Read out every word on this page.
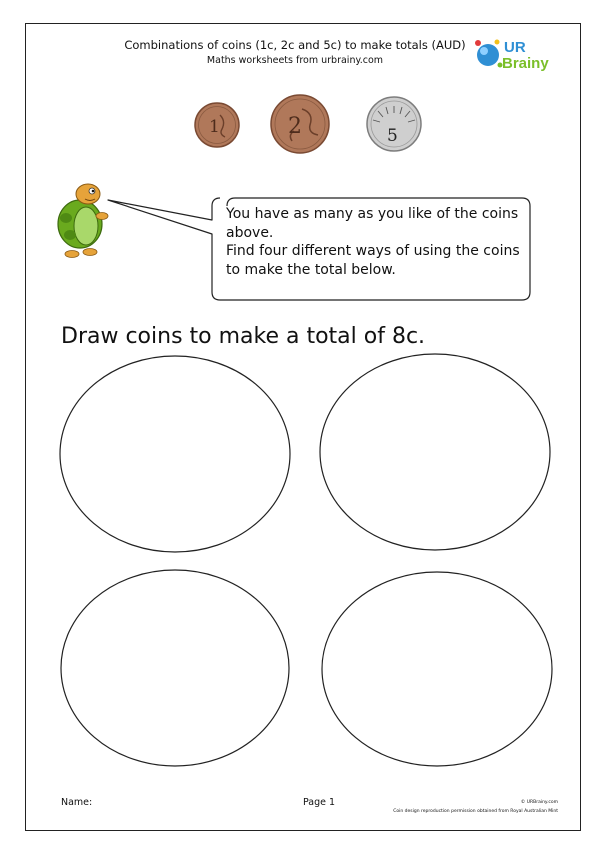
Combinations of coins (1c, 2c and 5c) to make totals (AUD)
Maths worksheets from urbrainy.com
UR
Brainy
1	2	5
You have as many as you like of the coins
above.
Find four different ways of using the coins
to make the total below.
Draw coins to make a total of 8c.
Name:	Page 1	© URBrainy.com
Coin design reproduction permission obtained from Royal Australian Mint
